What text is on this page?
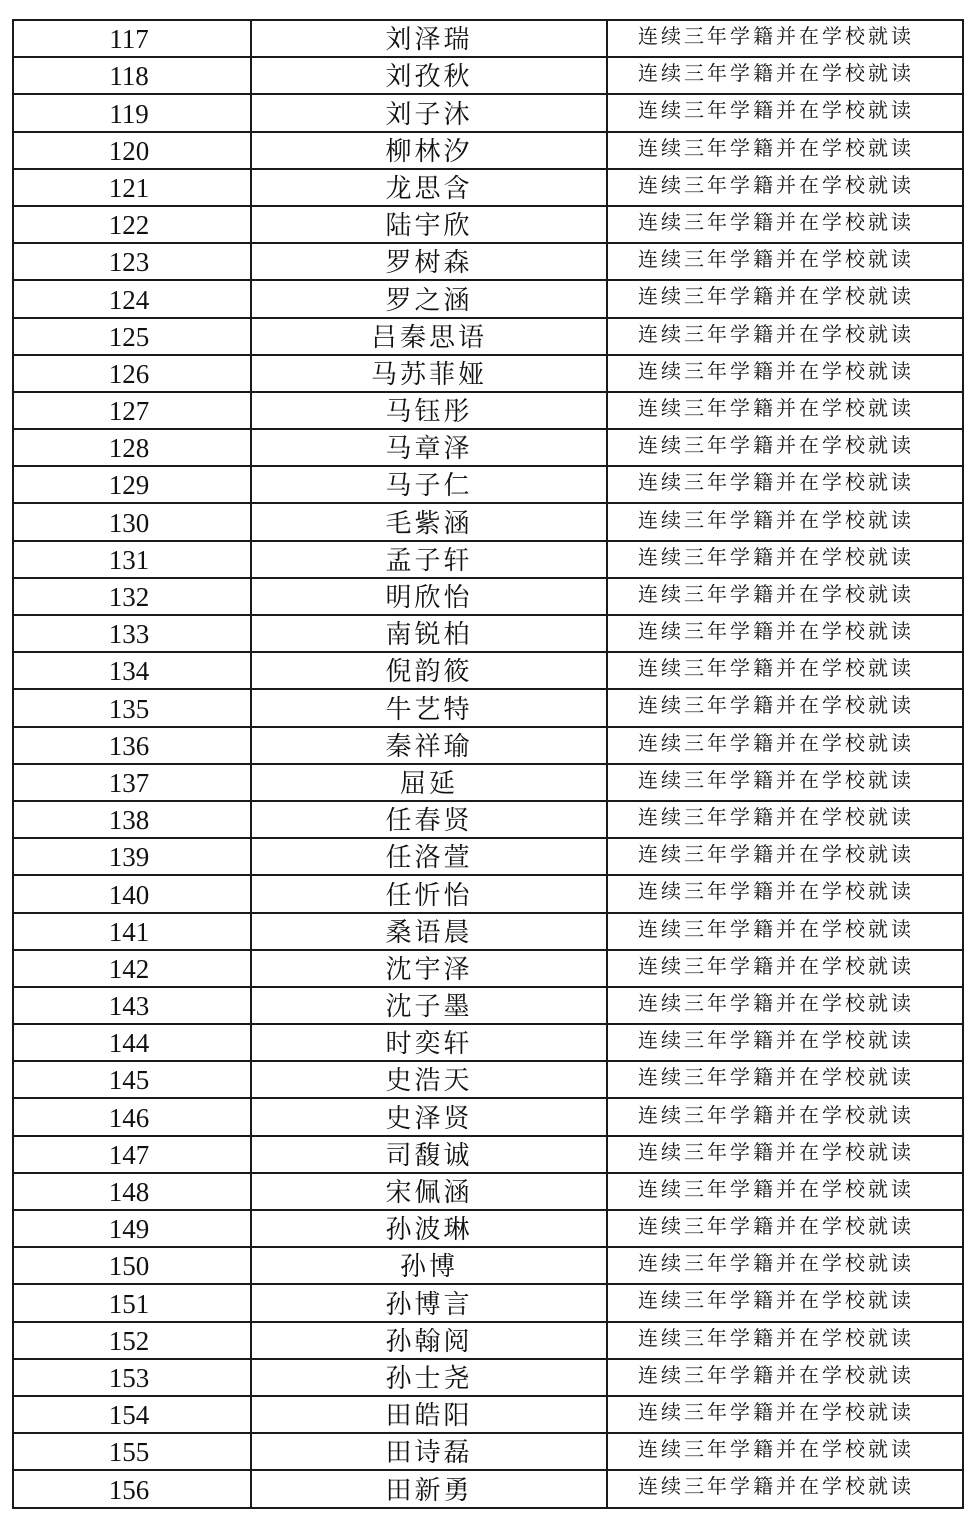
117	刘泽瑞	连续三年学籍并在学校就读
118	刘孜秋	连续三年学籍并在学校就读
119	刘子沐	连续三年学籍并在学校就读
120	柳林汐	连续三年学籍并在学校就读
121	龙思含	连续三年学籍并在学校就读
122	陆宇欣	连续三年学籍并在学校就读
123	罗树森	连续三年学籍并在学校就读
124	罗之涵	连续三年学籍并在学校就读
125	吕秦思语	连续三年学籍并在学校就读
126	马苏菲娅	连续三年学籍并在学校就读
127	马钰彤	连续三年学籍并在学校就读
128	马章泽	连续三年学籍并在学校就读
129	马子仁	连续三年学籍并在学校就读
130	毛紫涵	连续三年学籍并在学校就读
131	孟子轩	连续三年学籍并在学校就读
132	明欣怡	连续三年学籍并在学校就读
133	南锐柏	连续三年学籍并在学校就读
134	倪韵筱	连续三年学籍并在学校就读
135	牛艺特	连续三年学籍并在学校就读
136	秦祥瑜	连续三年学籍并在学校就读
137	屈延	连续三年学籍并在学校就读
138	任春贤	连续三年学籍并在学校就读
139	任洛萱	连续三年学籍并在学校就读
140	任忻怡	连续三年学籍并在学校就读
141	桑语晨	连续三年学籍并在学校就读
142	沈宇泽	连续三年学籍并在学校就读
143	沈子墨	连续三年学籍并在学校就读
144	时奕轩	连续三年学籍并在学校就读
145	史浩天	连续三年学籍并在学校就读
146	史泽贤	连续三年学籍并在学校就读
147	司馥诚	连续三年学籍并在学校就读
148	宋佩涵	连续三年学籍并在学校就读
149	孙波琳	连续三年学籍并在学校就读
150	孙博	连续三年学籍并在学校就读
151	孙博言	连续三年学籍并在学校就读
152	孙翰阅	连续三年学籍并在学校就读
153	孙士尧	连续三年学籍并在学校就读
154	田皓阳	连续三年学籍并在学校就读
155	田诗磊	连续三年学籍并在学校就读
156	田新勇	连续三年学籍并在学校就读
